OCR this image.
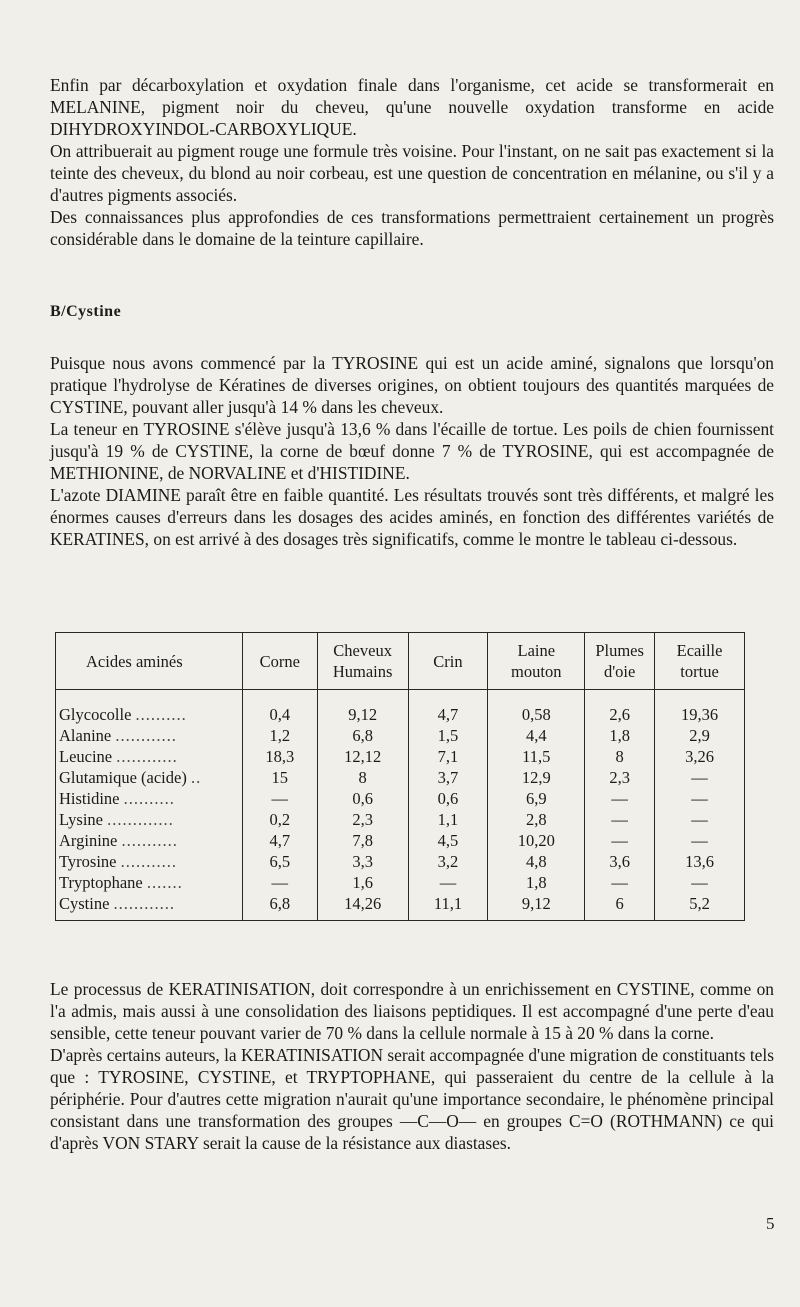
Enfin par décarboxylation et oxydation finale dans l'organisme, cet acide se transformerait en MELANINE, pigment noir du cheveu, qu'une nouvelle oxydation transforme en acide DIHYDROXYINDOL-CARBOXYLIQUE.

On attribuerait au pigment rouge une formule très voisine. Pour l'instant, on ne sait pas exactement si la teinte des cheveux, du blond au noir corbeau, est une question de concentration en mélanine, ou s'il y a d'autres pigments associés.

Des connaissances plus approfondies de ces transformations permettraient certainement un progrès considérable dans le domaine de la teinture capillaire.

B/Cystine

Puisque nous avons commencé par la TYROSINE qui est un acide aminé, signalons que lorsqu'on pratique l'hydrolyse de Kératines de diverses origines, on obtient toujours des quantités marquées de CYSTINE, pouvant aller jusqu'à 14 % dans les cheveux.

La teneur en TYROSINE s'élève jusqu'à 13,6 % dans l'écaille de tortue. Les poils de chien fournissent jusqu'à 19 % de CYSTINE, la corne de bœuf donne 7 % de TYROSINE, qui est accompagnée de METHIONINE, de NORVALINE et d'HISTIDINE.

L'azote DIAMINE paraît être en faible quantité. Les résultats trouvés sont très différents, et malgré les énormes causes d'erreurs dans les dosages des acides aminés, en fonction des différentes variétés de KERATINES, on est arrivé à des dosages très significatifs, comme le montre le tableau ci-dessous.

Acides aminés	Corne	Cheveux Humains	Crin	Laine mouton	Plumes d'oie	Ecaille tortue
Glycocolle ..........	0,4	9,12	4,7	0,58	2,6	19,36
Alanine ............	1,2	6,8	1,5	4,4	1,8	2,9
Leucine ............	18,3	12,12	7,1	11,5	8	3,26
Glutamique (acide) ..	15	8	3,7	12,9	2,3	—
Histidine ..........	—	0,6	0,6	6,9	—	—
Lysine .............	0,2	2,3	1,1	2,8	—	—
Arginine ...........	4,7	7,8	4,5	10,20	—	—
Tyrosine ...........	6,5	3,3	3,2	4,8	3,6	13,6
Tryptophane .......	—	1,6	—	1,8	—	—
Cystine ............	6,8	14,26	11,1	9,12	6	5,2

Le processus de KERATINISATION, doit correspondre à un enrichissement en CYSTINE, comme on l'a admis, mais aussi à une consolidation des liaisons peptidiques. Il est accompagné d'une perte d'eau sensible, cette teneur pouvant varier de 70 % dans la cellule normale à 15 à 20 % dans la corne.

D'après certains auteurs, la KERATINISATION serait accompagnée d'une migration de constituants tels que : TYROSINE, CYSTINE, et TRYPTOPHANE, qui passeraient du centre de la cellule à la périphérie. Pour d'autres cette migration n'aurait qu'une importance secondaire, le phénomène principal consistant dans une transformation des groupes —C—O— en groupes C=O (ROTHMANN) ce qui d'après VON STARY serait la cause de la résistance aux diastases.

5
